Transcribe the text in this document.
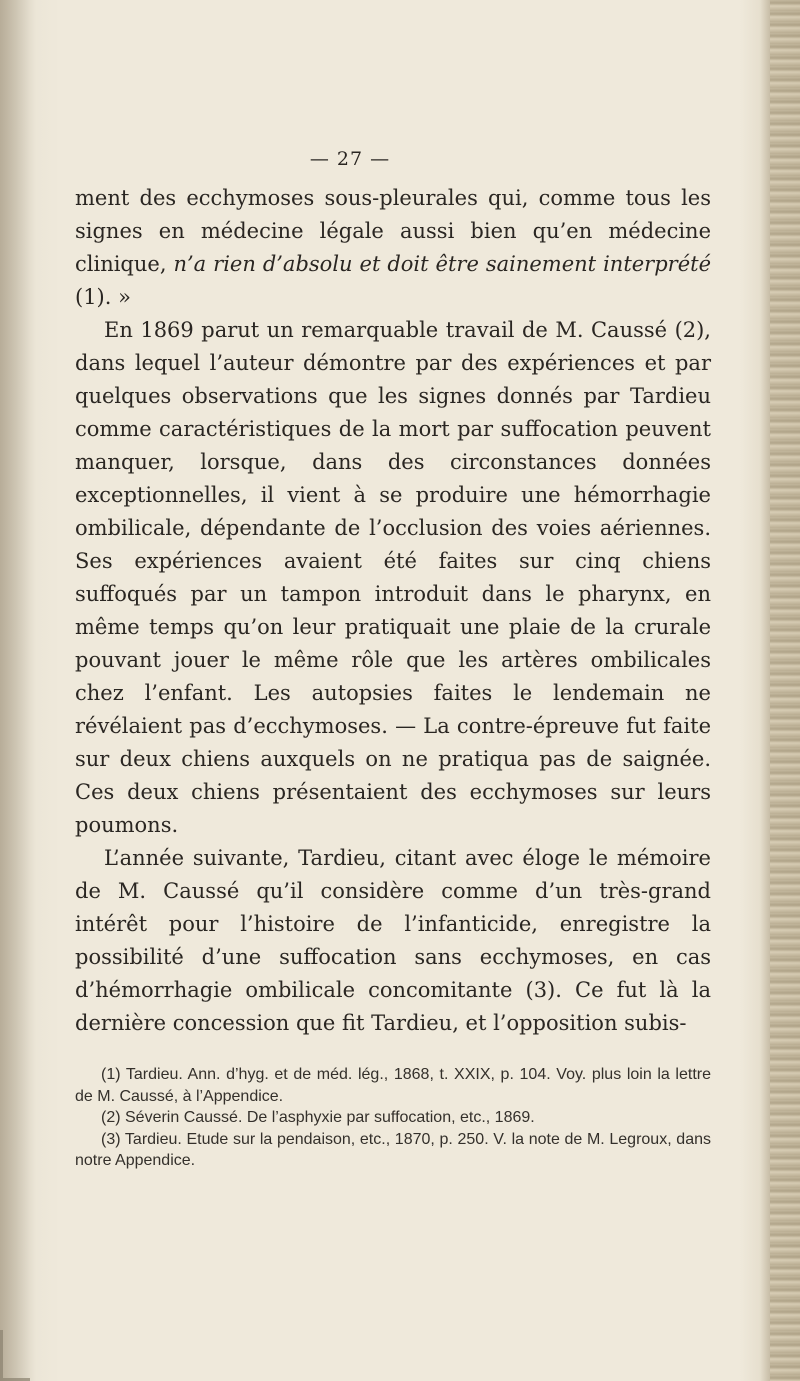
— 27 —

ment des ecchymoses sous-pleurales qui, comme tous les signes en médecine légale aussi bien qu’en médecine clinique, n’a rien d’absolu et doit être sainement interprété (1). »

En 1869 parut un remarquable travail de M. Caussé (2), dans lequel l’auteur démontre par des expériences et par quelques observations que les signes donnés par Tardieu comme caractéristiques de la mort par suffocation peuvent manquer, lorsque, dans des circonstances données exceptionnelles, il vient à se produire une hémorrhagie ombilicale, dépendante de l’occlusion des voies aériennes. Ses expériences avaient été faites sur cinq chiens suffoqués par un tampon introduit dans le pharynx, en même temps qu’on leur pratiquait une plaie de la crurale pouvant jouer le même rôle que les artères ombilicales chez l’enfant. Les autopsies faites le lendemain ne révélaient pas d’ecchymoses. — La contre-épreuve fut faite sur deux chiens auxquels on ne pratiqua pas de saignée. Ces deux chiens présentaient des ecchymoses sur leurs poumons.

L’année suivante, Tardieu, citant avec éloge le mémoire de M. Caussé qu’il considère comme d’un très-grand intérêt pour l’histoire de l’infanticide, enregistre la possibilité d’une suffocation sans ecchymoses, en cas d’hémorrhagie ombilicale concomitante (3). Ce fut là la dernière concession que fit Tardieu, et l’opposition subis-

(1) Tardieu. Ann. d’hyg. et de méd. lég., 1868, t. XXIX, p. 104. Voy. plus loin la lettre de M. Caussé, à l’Appendice.

(2) Séverin Caussé. De l’asphyxie par suffocation, etc., 1869.

(3) Tardieu. Etude sur la pendaison, etc., 1870, p. 250. V. la note de M. Legroux, dans notre Appendice.
